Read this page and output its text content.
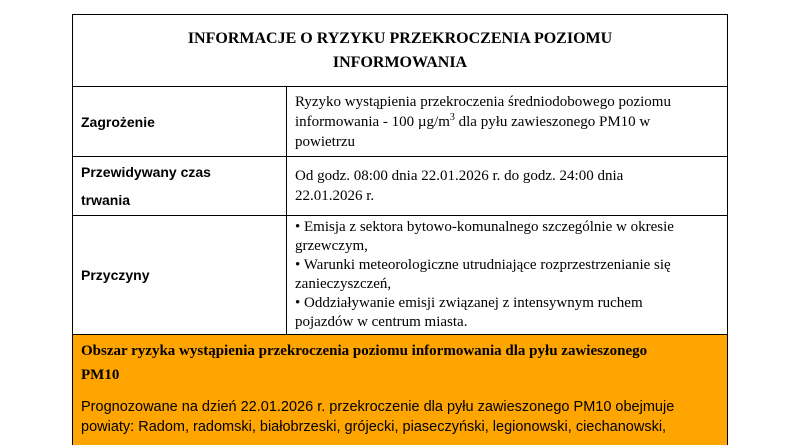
INFORMACJE O RYZYKU PRZEKROCZENIA POZIOMU
INFORMOWANIA
Zagrożenie
Ryzyko wystąpienia przekroczenia średniodobowego poziomu
informowania - 100 $\mu g/m^3$ dla pyłu zawieszonego PM10 w
powietrzu
Przewidywany czas
trwania
Od godz. 08:00 dnia 22.01.2026 r. do godz. 24:00 dnia
22.01.2026 r.
Przyczyny
• Emisja z sektora bytowo-komunalnego szczególnie w okresie
grzewczym,
• Warunki meteorologiczne utrudniające rozprzestrzenianie się
zanieczyszczeń,
• Oddziaływanie emisji związanej z intensywnym ruchem
pojazdów w centrum miasta.
Obszar ryzyka wystąpienia przekroczenia poziomu informowania dla pyłu zawieszonego
PM10
Prognozowane na dzień 22.01.2026 r. przekroczenie dla pyłu zawieszonego PM10 obejmuje
powiaty: Radom, radomski, białobrzeski, grójecki, piaseczyński, legionowski, ciechanowski,
